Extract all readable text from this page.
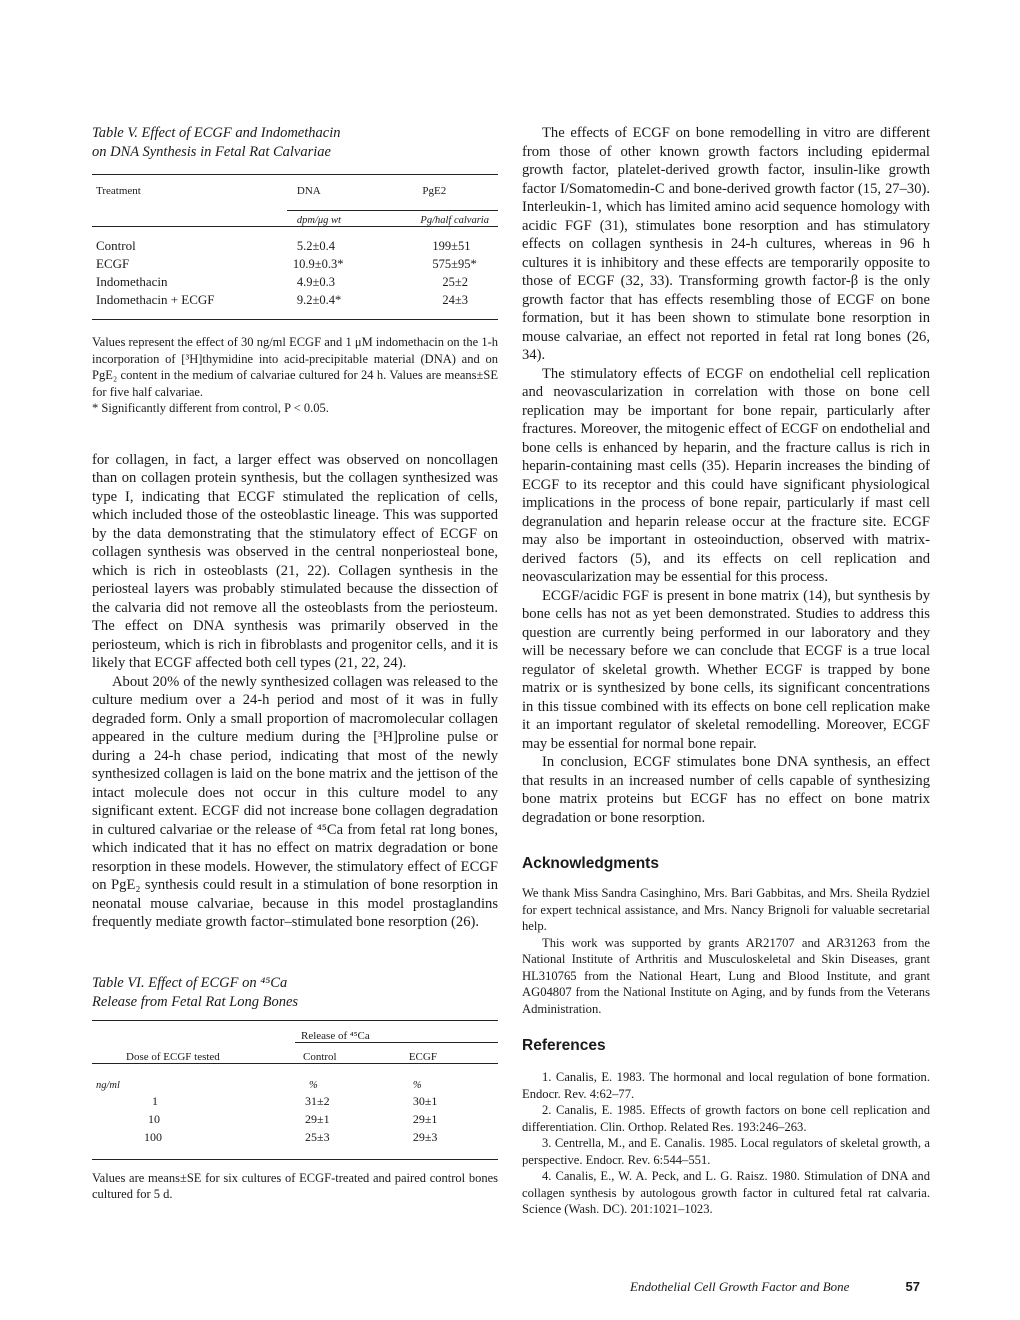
Table V. Effect of ECGF and Indomethacin
on DNA Synthesis in Fetal Rat Calvariae

Treatment	DNA	PgE2

	dpm/μg wt	Pg/half calvaria

Control	5.2±0.4	199±51
ECGF	10.9±0.3*	575±95*
Indomethacin	4.9±0.3	25±2
Indomethacin + ECGF	9.2±0.4*	24±3

Values represent the effect of 30 ng/ml ECGF and 1 μM indomethacin on the 1-h incorporation of [³H]thymidine into acid-precipitable material (DNA) and on PgE₂ content in the medium of calvariae cultured for 24 h. Values are means±SE for five half calvariae.
* Significantly different from control, P < 0.05.

for collagen, in fact, a larger effect was observed on noncollagen than on collagen protein synthesis, but the collagen synthesized was type I, indicating that ECGF stimulated the replication of cells, which included those of the osteoblastic lineage. This was supported by the data demonstrating that the stimulatory effect of ECGF on collagen synthesis was observed in the central nonperiosteal bone, which is rich in osteoblasts (21, 22). Collagen synthesis in the periosteal layers was probably stimulated because the dissection of the calvaria did not remove all the osteoblasts from the periosteum. The effect on DNA synthesis was primarily observed in the periosteum, which is rich in fibroblasts and progenitor cells, and it is likely that ECGF affected both cell types (21, 22, 24).

About 20% of the newly synthesized collagen was released to the culture medium over a 24-h period and most of it was in fully degraded form. Only a small proportion of macromolecular collagen appeared in the culture medium during the [³H]proline pulse or during a 24-h chase period, indicating that most of the newly synthesized collagen is laid on the bone matrix and the jettison of the intact molecule does not occur in this culture model to any significant extent. ECGF did not increase bone collagen degradation in cultured calvariae or the release of ⁴⁵Ca from fetal rat long bones, which indicated that it has no effect on matrix degradation or bone resorption in these models. However, the stimulatory effect of ECGF on PgE₂ synthesis could result in a stimulation of bone resorption in neonatal mouse calvariae, because in this model prostaglandins frequently mediate growth factor–stimulated bone resorption (26).

Table VI. Effect of ECGF on ⁴⁵Ca
Release from Fetal Rat Long Bones

	Release of ⁴⁵Ca	

Dose of ECGF tested	Control	ECGF

ng/ml	%	%
1	31±2	30±1
10	29±1	29±1
100	25±3	29±3

Values are means±SE for six cultures of ECGF-treated and paired control bones cultured for 5 d.

The effects of ECGF on bone remodelling in vitro are different from those of other known growth factors including epidermal growth factor, platelet-derived growth factor, insulin-like growth factor I/Somatomedin-C and bone-derived growth factor (15, 27–30). Interleukin-1, which has limited amino acid sequence homology with acidic FGF (31), stimulates bone resorption and has stimulatory effects on collagen synthesis in 24-h cultures, whereas in 96 h cultures it is inhibitory and these effects are temporarily opposite to those of ECGF (32, 33). Transforming growth factor-β is the only growth factor that has effects resembling those of ECGF on bone formation, but it has been shown to stimulate bone resorption in mouse calvariae, an effect not reported in fetal rat long bones (26, 34).

The stimulatory effects of ECGF on endothelial cell replication and neovascularization in correlation with those on bone cell replication may be important for bone repair, particularly after fractures. Moreover, the mitogenic effect of ECGF on endothelial and bone cells is enhanced by heparin, and the fracture callus is rich in heparin-containing mast cells (35). Heparin increases the binding of ECGF to its receptor and this could have significant physiological implications in the process of bone repair, particularly if mast cell degranulation and heparin release occur at the fracture site. ECGF may also be important in osteoinduction, observed with matrix-derived factors (5), and its effects on cell replication and neovascularization may be essential for this process.

ECGF/acidic FGF is present in bone matrix (14), but synthesis by bone cells has not as yet been demonstrated. Studies to address this question are currently being performed in our laboratory and they will be necessary before we can conclude that ECGF is a true local regulator of skeletal growth. Whether ECGF is trapped by bone matrix or is synthesized by bone cells, its significant concentrations in this tissue combined with its effects on bone cell replication make it an important regulator of skeletal remodelling. Moreover, ECGF may be essential for normal bone repair.

In conclusion, ECGF stimulates bone DNA synthesis, an effect that results in an increased number of cells capable of synthesizing bone matrix proteins but ECGF has no effect on bone matrix degradation or bone resorption.

Acknowledgments

We thank Miss Sandra Casinghino, Mrs. Bari Gabbitas, and Mrs. Sheila Rydziel for expert technical assistance, and Mrs. Nancy Brignoli for valuable secretarial help.

This work was supported by grants AR21707 and AR31263 from the National Institute of Arthritis and Musculoskeletal and Skin Diseases, grant HL310765 from the National Heart, Lung and Blood Institute, and grant AG04807 from the National Institute on Aging, and by funds from the Veterans Administration.

References

1. Canalis, E. 1983. The hormonal and local regulation of bone formation. Endocr. Rev. 4:62–77.

2. Canalis, E. 1985. Effects of growth factors on bone cell replication and differentiation. Clin. Orthop. Related Res. 193:246–263.

3. Centrella, M., and E. Canalis. 1985. Local regulators of skeletal growth, a perspective. Endocr. Rev. 6:544–551.

4. Canalis, E., W. A. Peck, and L. G. Raisz. 1980. Stimulation of DNA and collagen synthesis by autologous growth factor in cultured fetal rat calvaria. Science (Wash. DC). 201:1021–1023.

Endothelial Cell Growth Factor and Bone	57
